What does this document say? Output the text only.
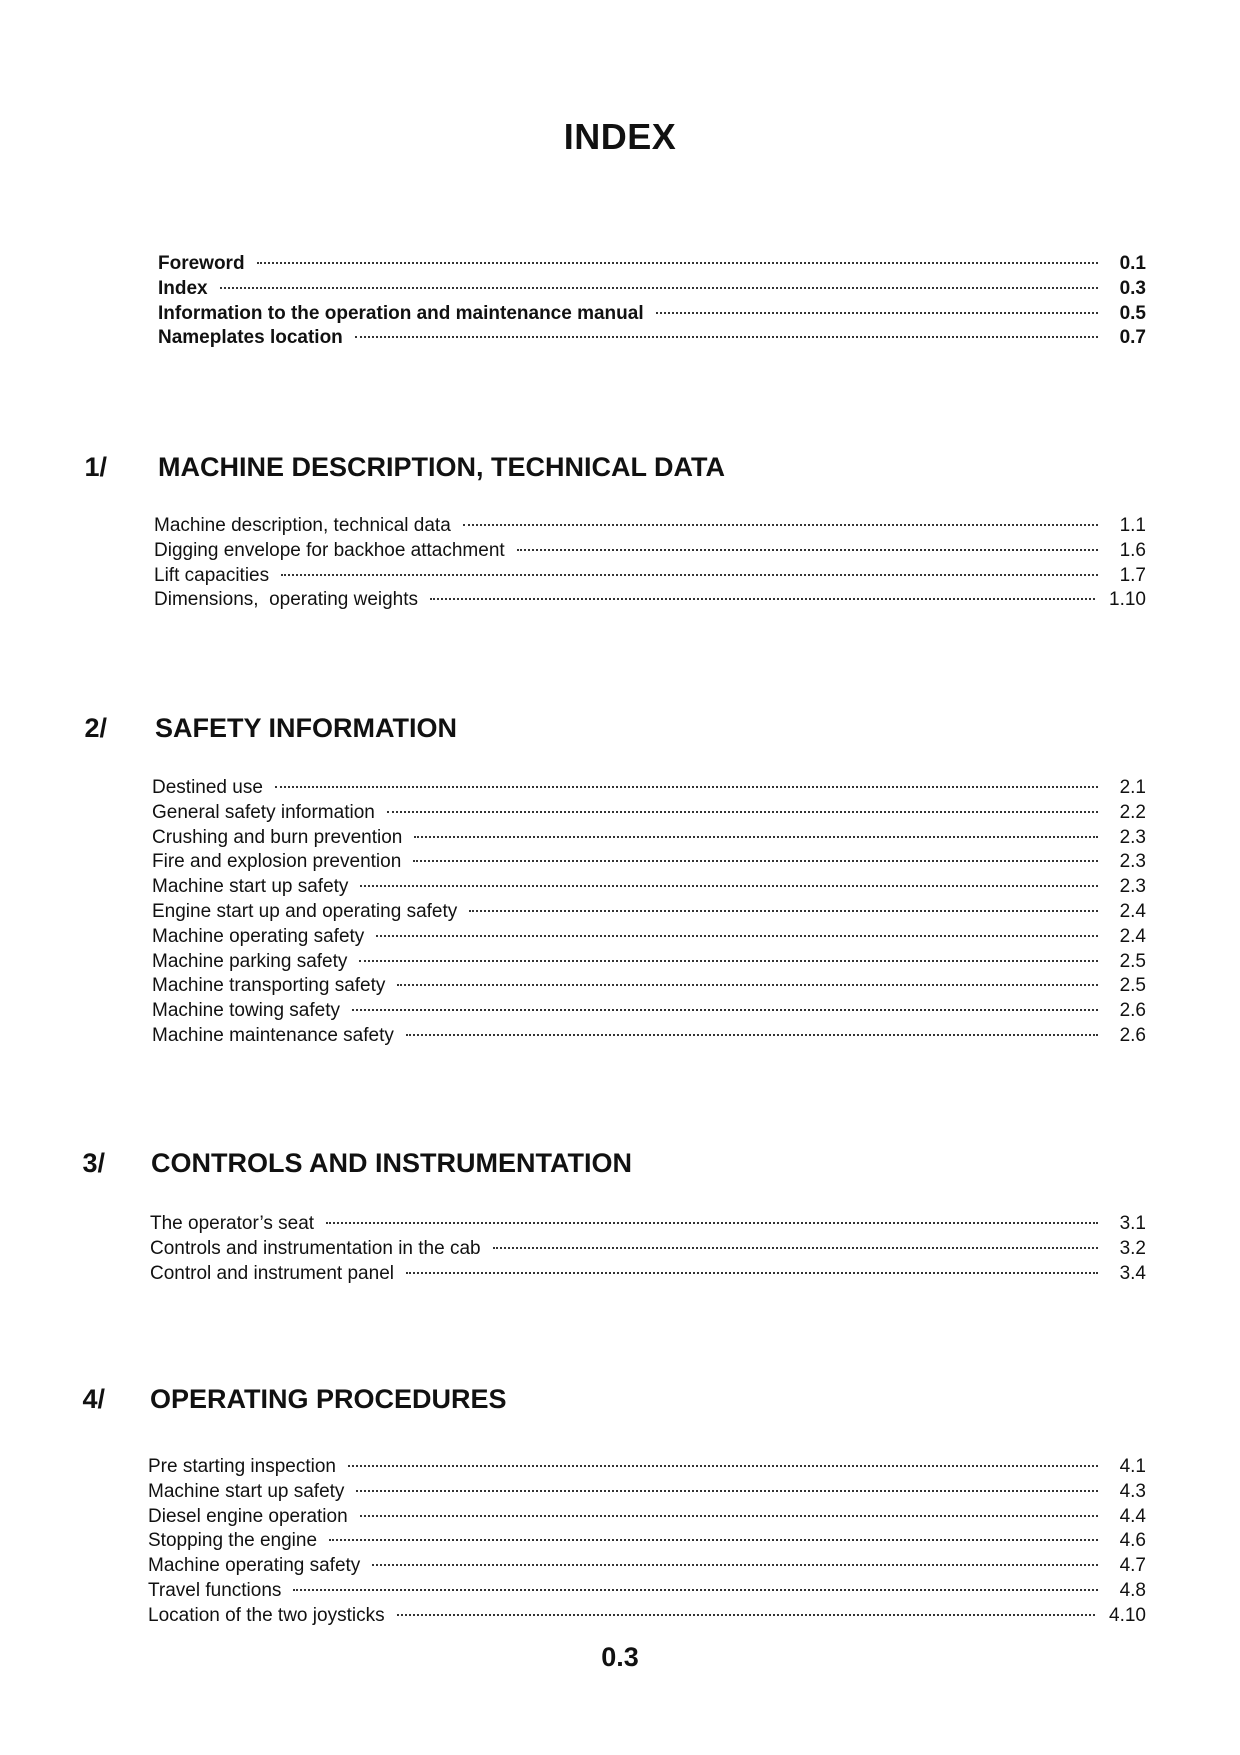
INDEX
Foreword	0.1
Index	0.3
Information to the operation and maintenance manual	0.5
Nameplates location	0.7
1/ MACHINE DESCRIPTION, TECHNICAL DATA
Machine description, technical data	1.1
Digging envelope for backhoe attachment	1.6
Lift capacities	1.7
Dimensions,  operating weights	1.10
2/ SAFETY INFORMATION
Destined use	2.1
General safety information	2.2
Crushing and burn prevention	2.3
Fire and explosion prevention	2.3
Machine start up safety	2.3
Engine start up and operating safety	2.4
Machine operating safety	2.4
Machine parking safety	2.5
Machine transporting safety	2.5
Machine towing safety	2.6
Machine maintenance safety	2.6
3/ CONTROLS AND INSTRUMENTATION
The operator’s seat	3.1
Controls and instrumentation in the cab	3.2
Control and instrument panel	3.4
4/ OPERATING PROCEDURES
Pre starting inspection	4.1
Machine start up safety	4.3
Diesel engine operation	4.4
Stopping the engine	4.6
Machine operating safety	4.7
Travel functions	4.8
Location of the two joysticks	4.10
0.3
